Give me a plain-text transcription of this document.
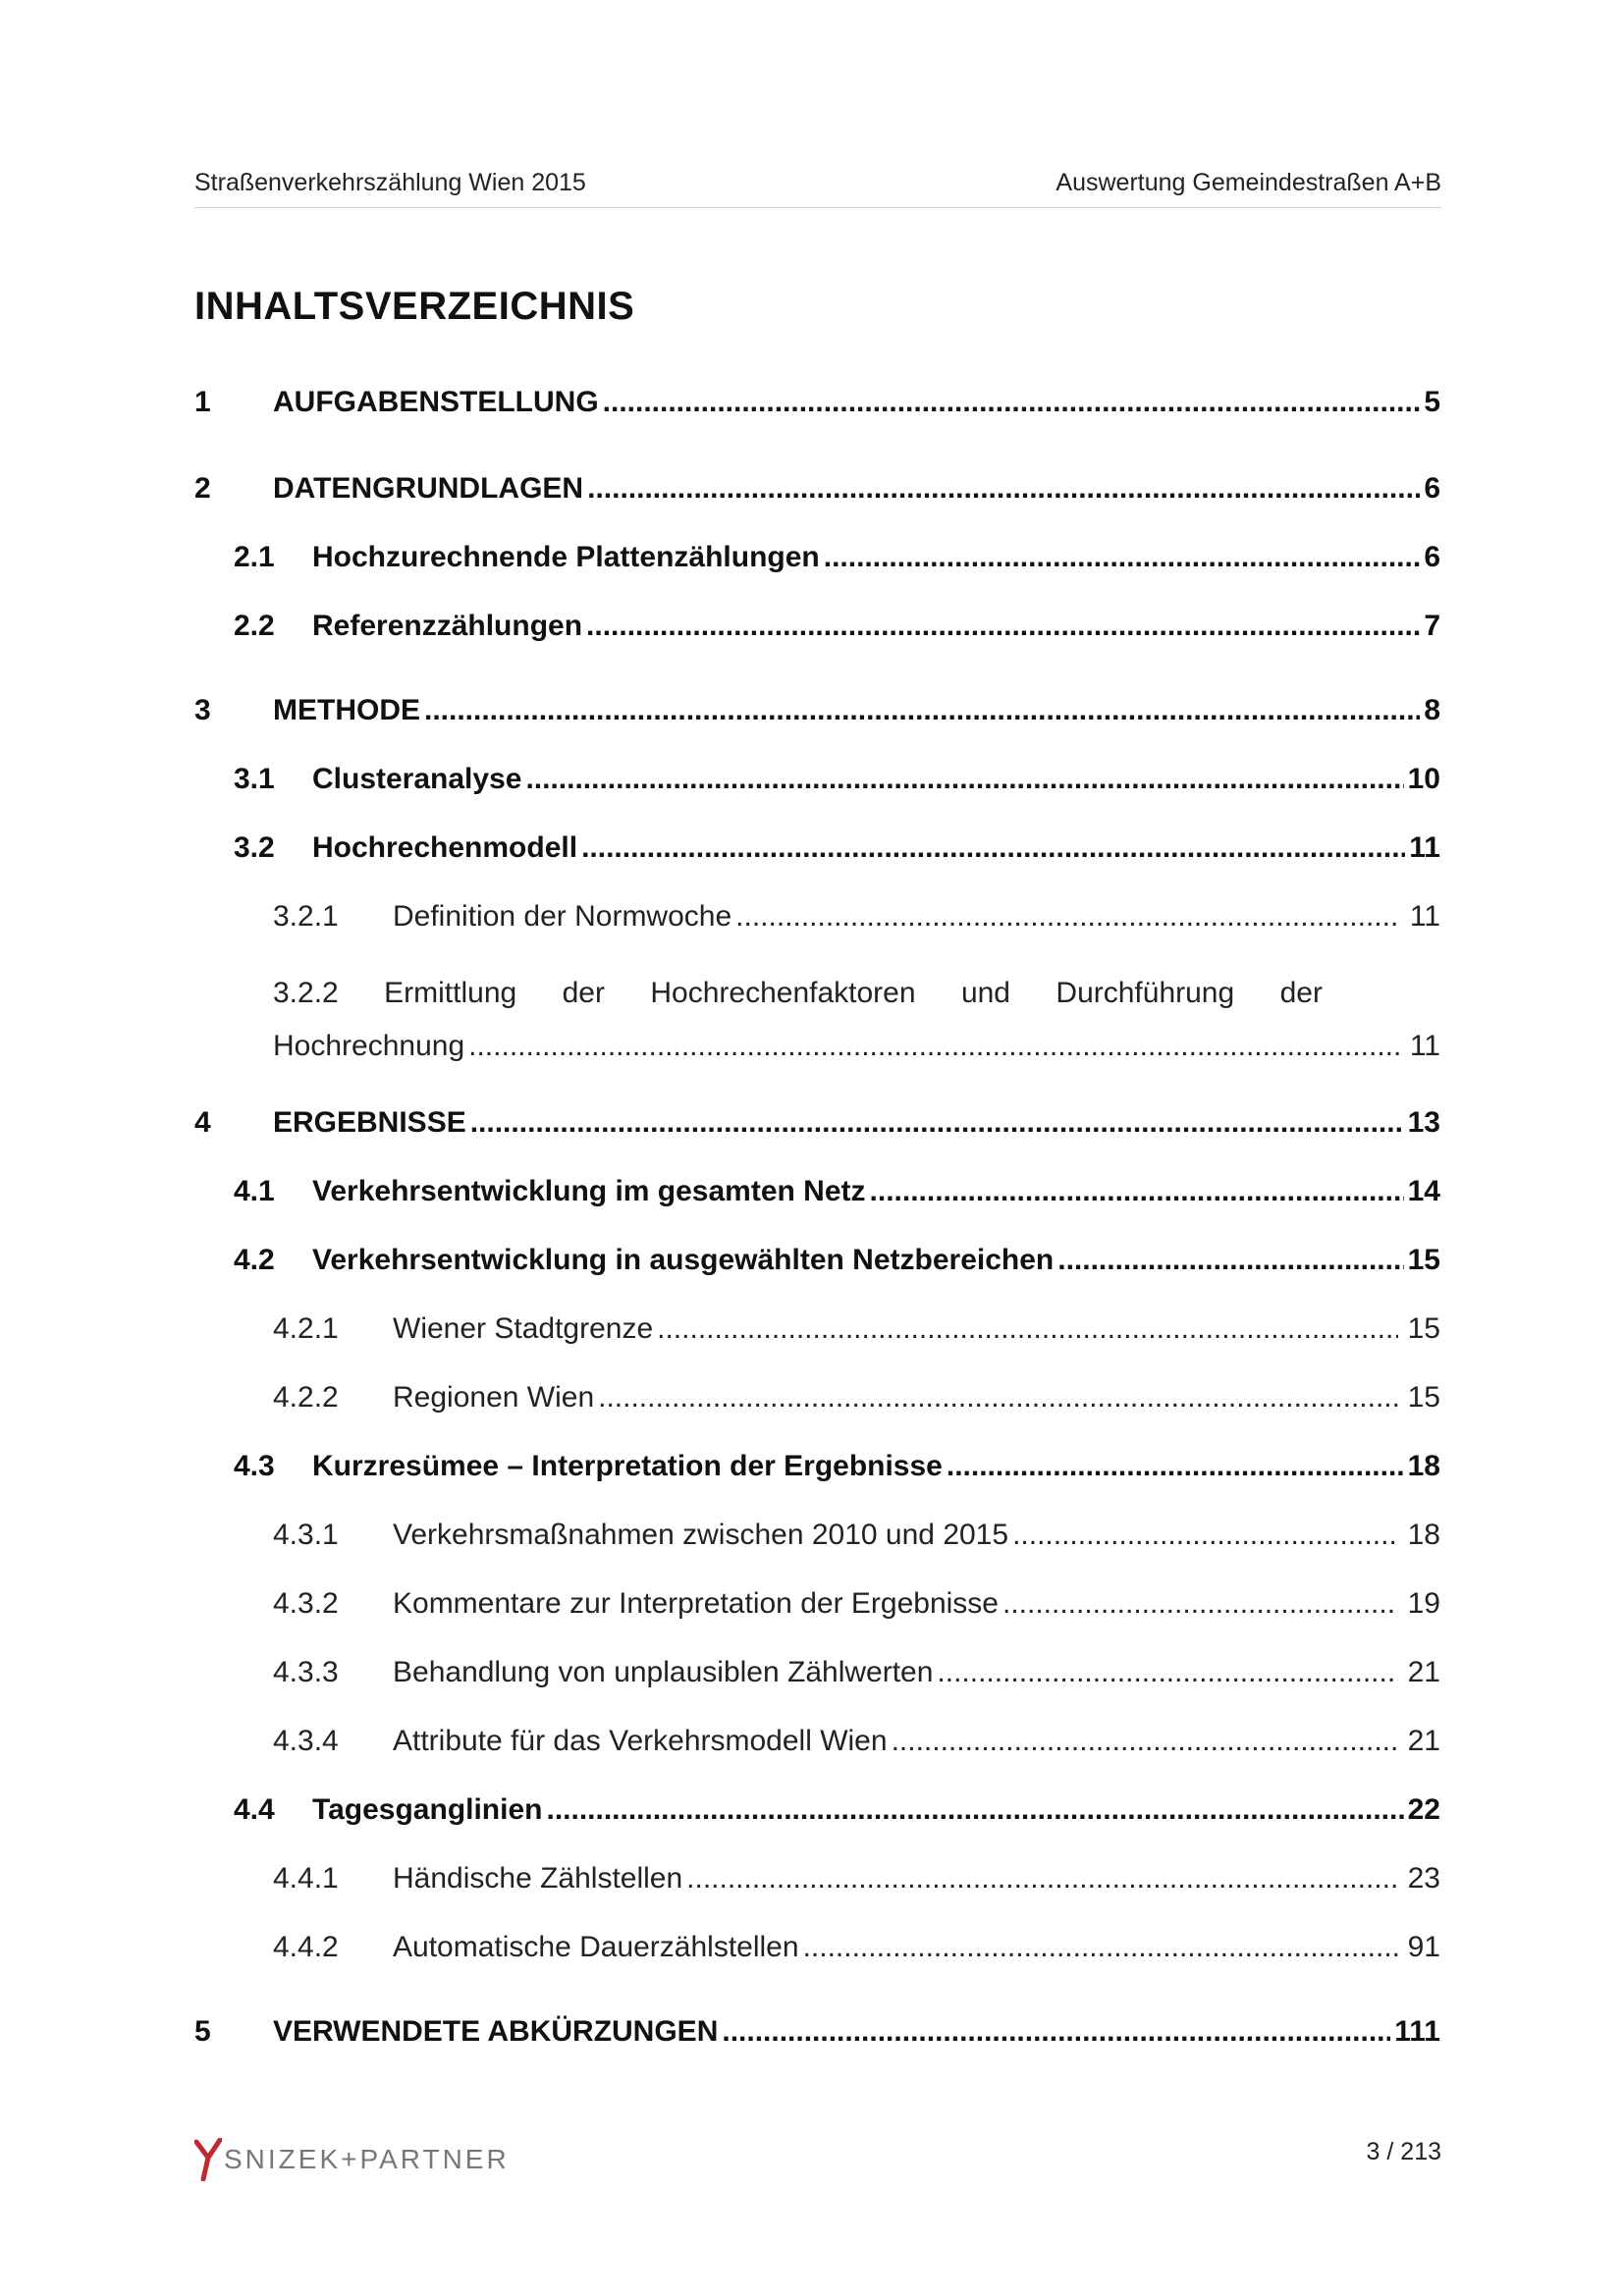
Straßenverkehrszählung Wien 2015	Auswertung Gemeindestraßen A+B
INHALTSVERZEICHNIS
1	AUFGABENSTELLUNG .....	5
2	DATENGRUNDLAGEN .....	6
2.1	Hochzurechnende Plattenzählungen .....	6
2.2	Referenzzählungen .....	7
3	METHODE .....	8
3.1	Clusteranalyse .....	10
3.2	Hochrechenmodell .....	11
3.2.1	Definition der Normwoche .....	11
3.2.2 Ermittlung der Hochrechenfaktoren und Durchführung der
Hochrechnung .....	11
4	ERGEBNISSE .....	13
4.1	Verkehrsentwicklung im gesamten Netz .....	14
4.2	Verkehrsentwicklung in ausgewählten Netzbereichen .....	15
4.2.1	Wiener Stadtgrenze .....	15
4.2.2	Regionen Wien .....	15
4.3	Kurzresümee – Interpretation der Ergebnisse .....	18
4.3.1	Verkehrsmaßnahmen zwischen 2010 und 2015 .....	18
4.3.2	Kommentare zur Interpretation der Ergebnisse .....	19
4.3.3	Behandlung von unplausiblen Zählwerten .....	21
4.3.4	Attribute für das Verkehrsmodell Wien .....	21
4.4	Tagesganglinien .....	22
4.4.1	Händische Zählstellen .....	23
4.4.2	Automatische Dauerzählstellen .....	91
5	VERWENDETE ABKÜRZUNGEN .....	111
SNIZEK+PARTNER	3 / 213
